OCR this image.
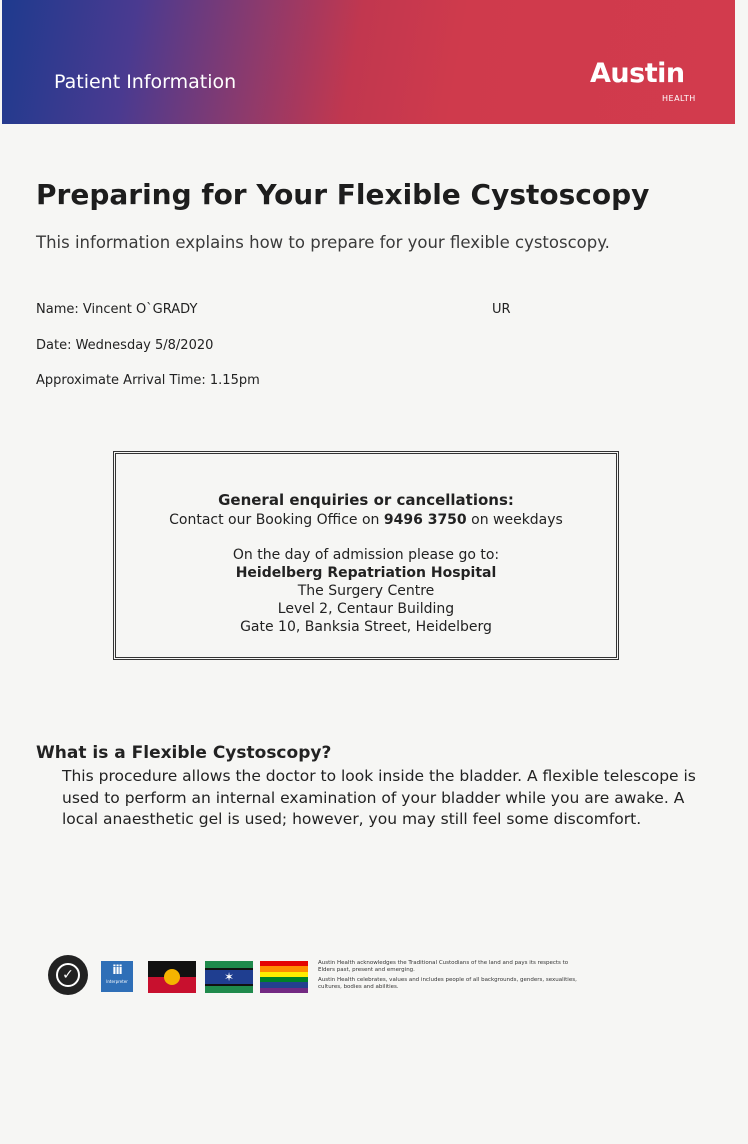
Patient Information	Austin
HEALTH
Preparing for Your Flexible Cystoscopy
This information explains how to prepare for your flexible cystoscopy.
Name: Vincent O`GRADY	UR
Date: Wednesday 5/8/2020
Approximate Arrival Time: 1.15pm
General enquiries or cancellations:
Contact our Booking Office on 9496 3750 on weekdays
On the day of admission please go to:
Heidelberg Repatriation Hospital
The Surgery Centre
Level 2, Centaur Building
Gate 10, Banksia Street, Heidelberg
What is a Flexible Cystoscopy?

This procedure allows the doctor to look inside the bladder. A flexible telescope is used to perform an internal examination of your bladder while you are awake. A local anaesthetic gel is used; however, you may still feel some discomfort.

✓	iii
Interpreter	✶

Austin Health acknowledges the Traditional Custodians of the land and pays its respects to Elders past, present and emerging.

Austin Health celebrates, values and includes people of all backgrounds, genders, sexualities, cultures, bodies and abilities.
